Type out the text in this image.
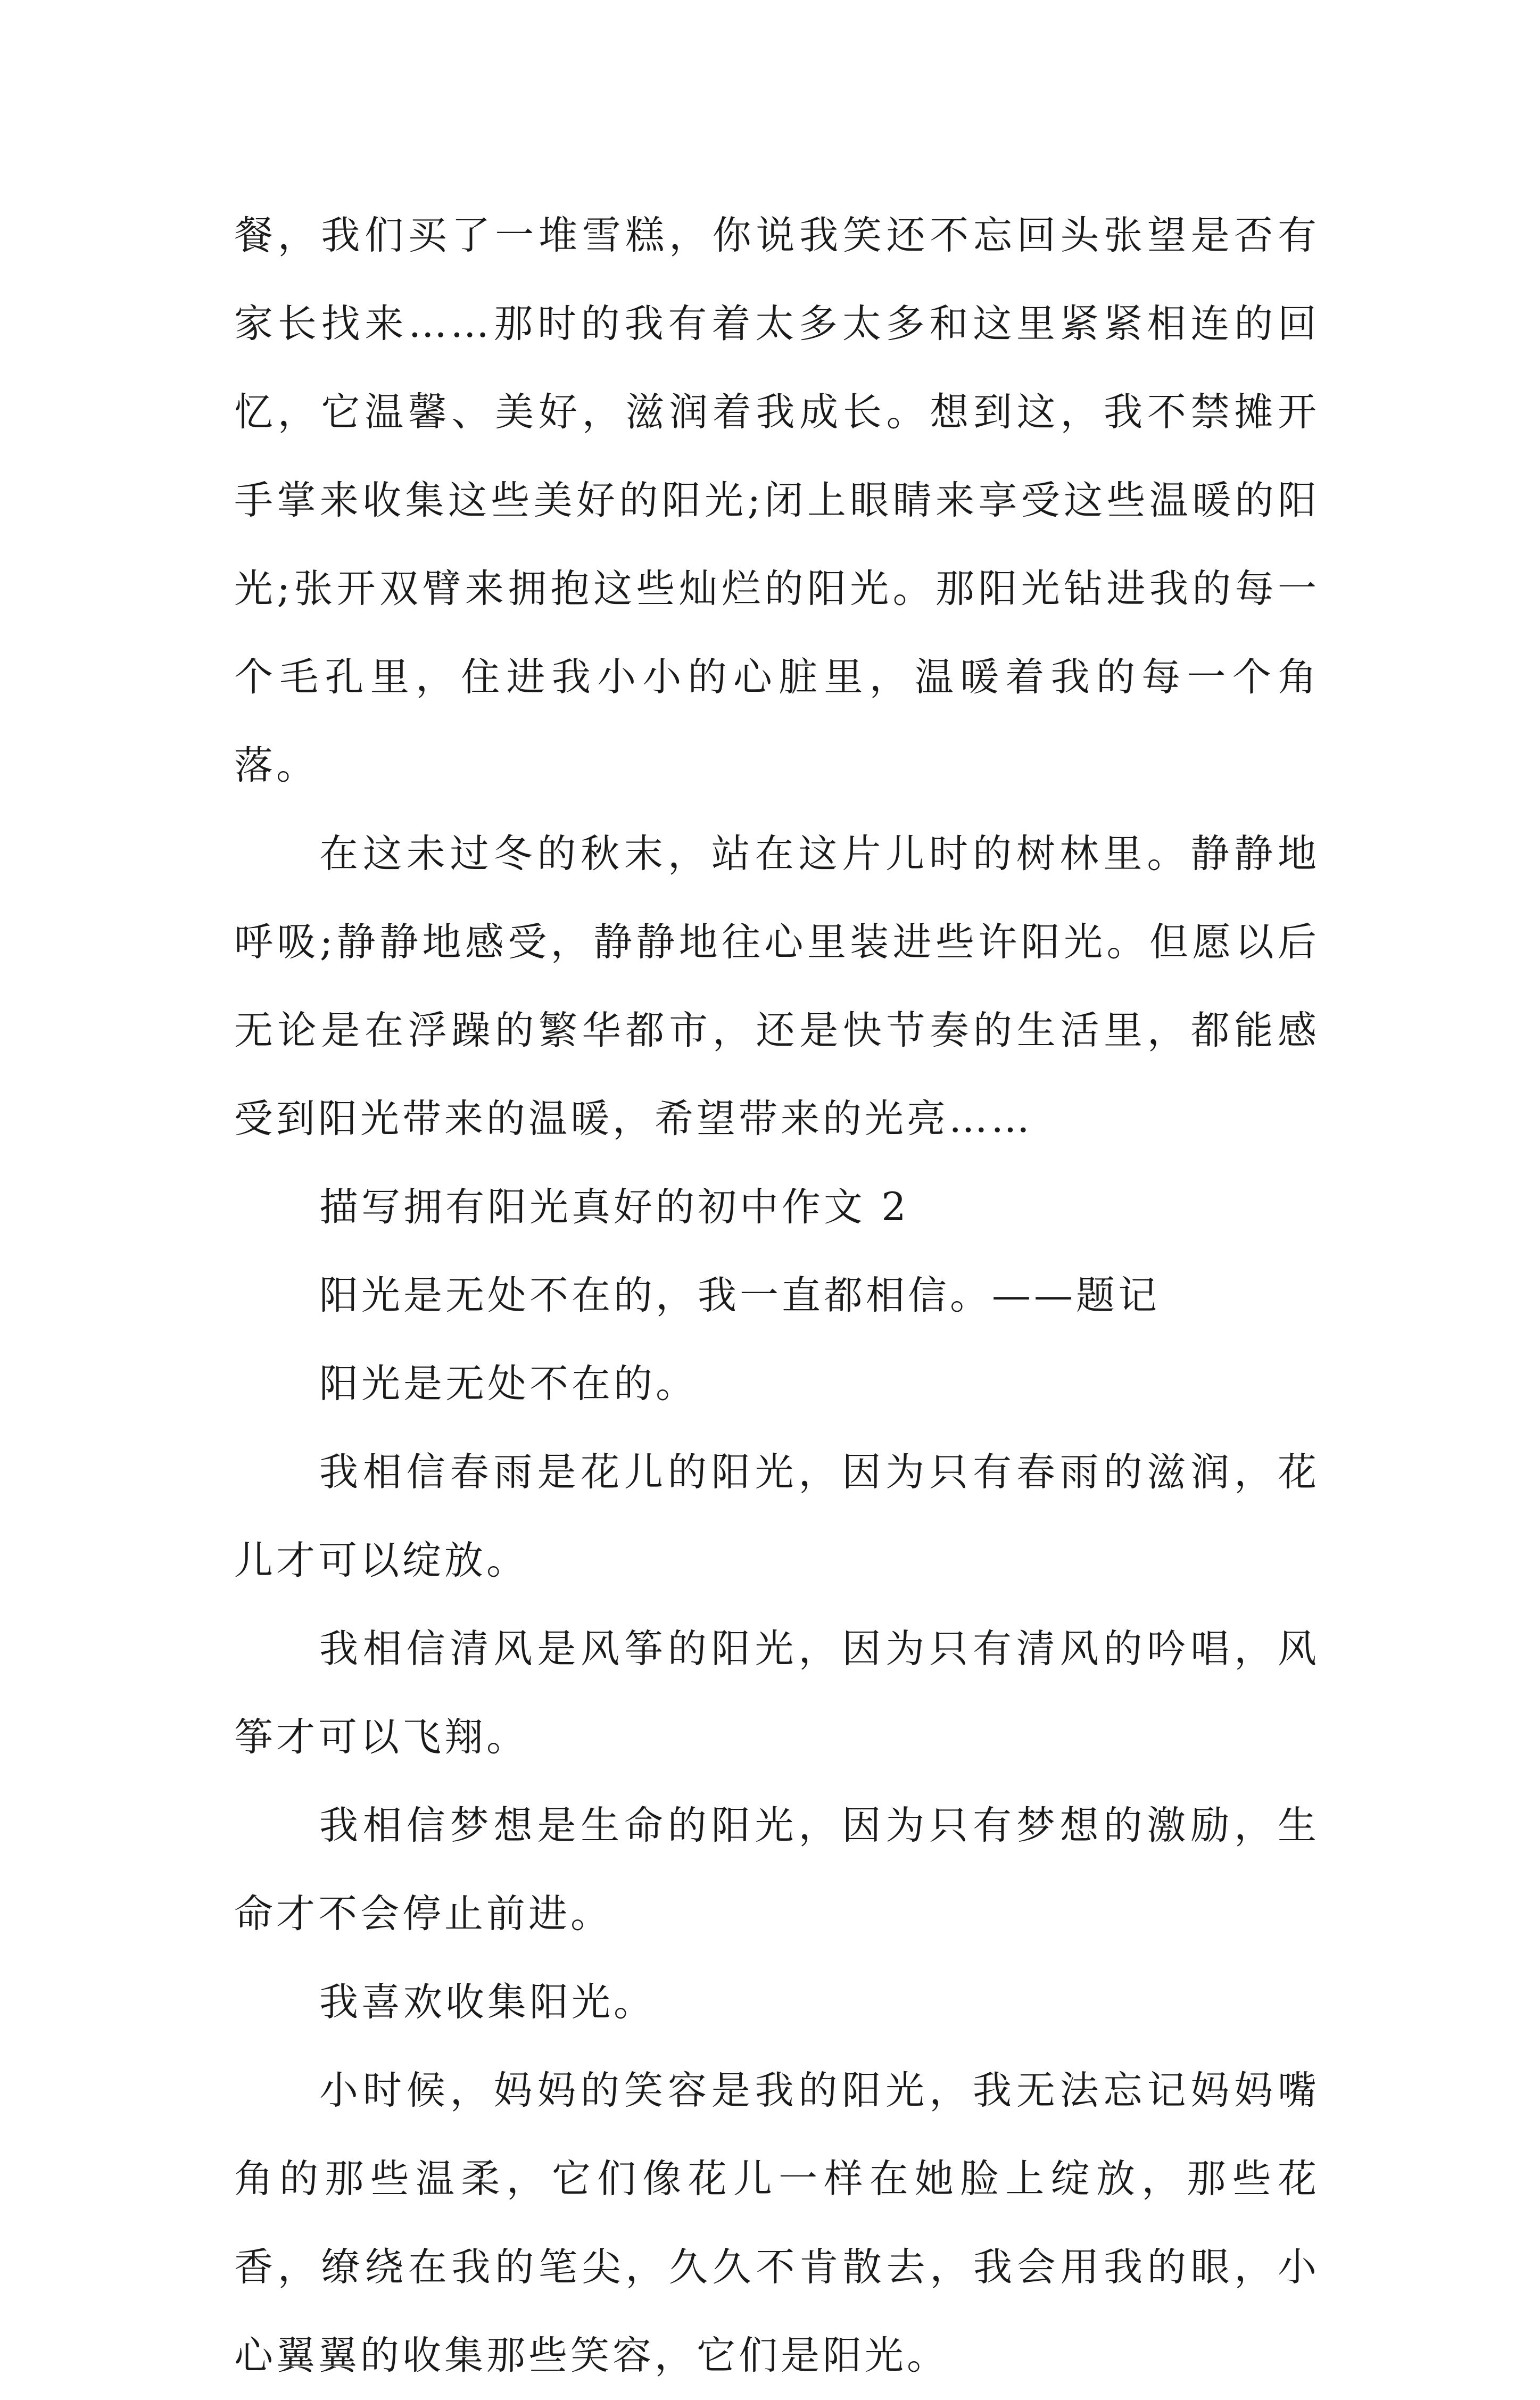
餐，我们买了一堆雪糕，你说我笑还不忘回头张望是否有家长找来……那时的我有着太多太多和这里紧紧相连的回忆，它温馨、美好，滋润着我成长。想到这，我不禁摊开手掌来收集这些美好的阳光;闭上眼睛来享受这些温暖的阳光;张开双臂来拥抱这些灿烂的阳光。那阳光钻进我的每一个毛孔里，住进我小小的心脏里，温暖着我的每一个角落。

在这未过冬的秋末，站在这片儿时的树林里。静静地呼吸;静静地感受，静静地往心里装进些许阳光。但愿以后无论是在浮躁的繁华都市，还是快节奏的生活里，都能感受到阳光带来的温暖，希望带来的光亮……

描写拥有阳光真好的初中作文 2

阳光是无处不在的，我一直都相信。——题记

阳光是无处不在的。

我相信春雨是花儿的阳光，因为只有春雨的滋润，花儿才可以绽放。

我相信清风是风筝的阳光，因为只有清风的吟唱，风筝才可以飞翔。

我相信梦想是生命的阳光，因为只有梦想的激励，生命才不会停止前进。

我喜欢收集阳光。

小时候，妈妈的笑容是我的阳光，我无法忘记妈妈嘴角的那些温柔，它们像花儿一样在她脸上绽放，那些花香，缭绕在我的笔尖，久久不肯散去，我会用我的眼，小心翼翼的收集那些笑容，它们是阳光。
